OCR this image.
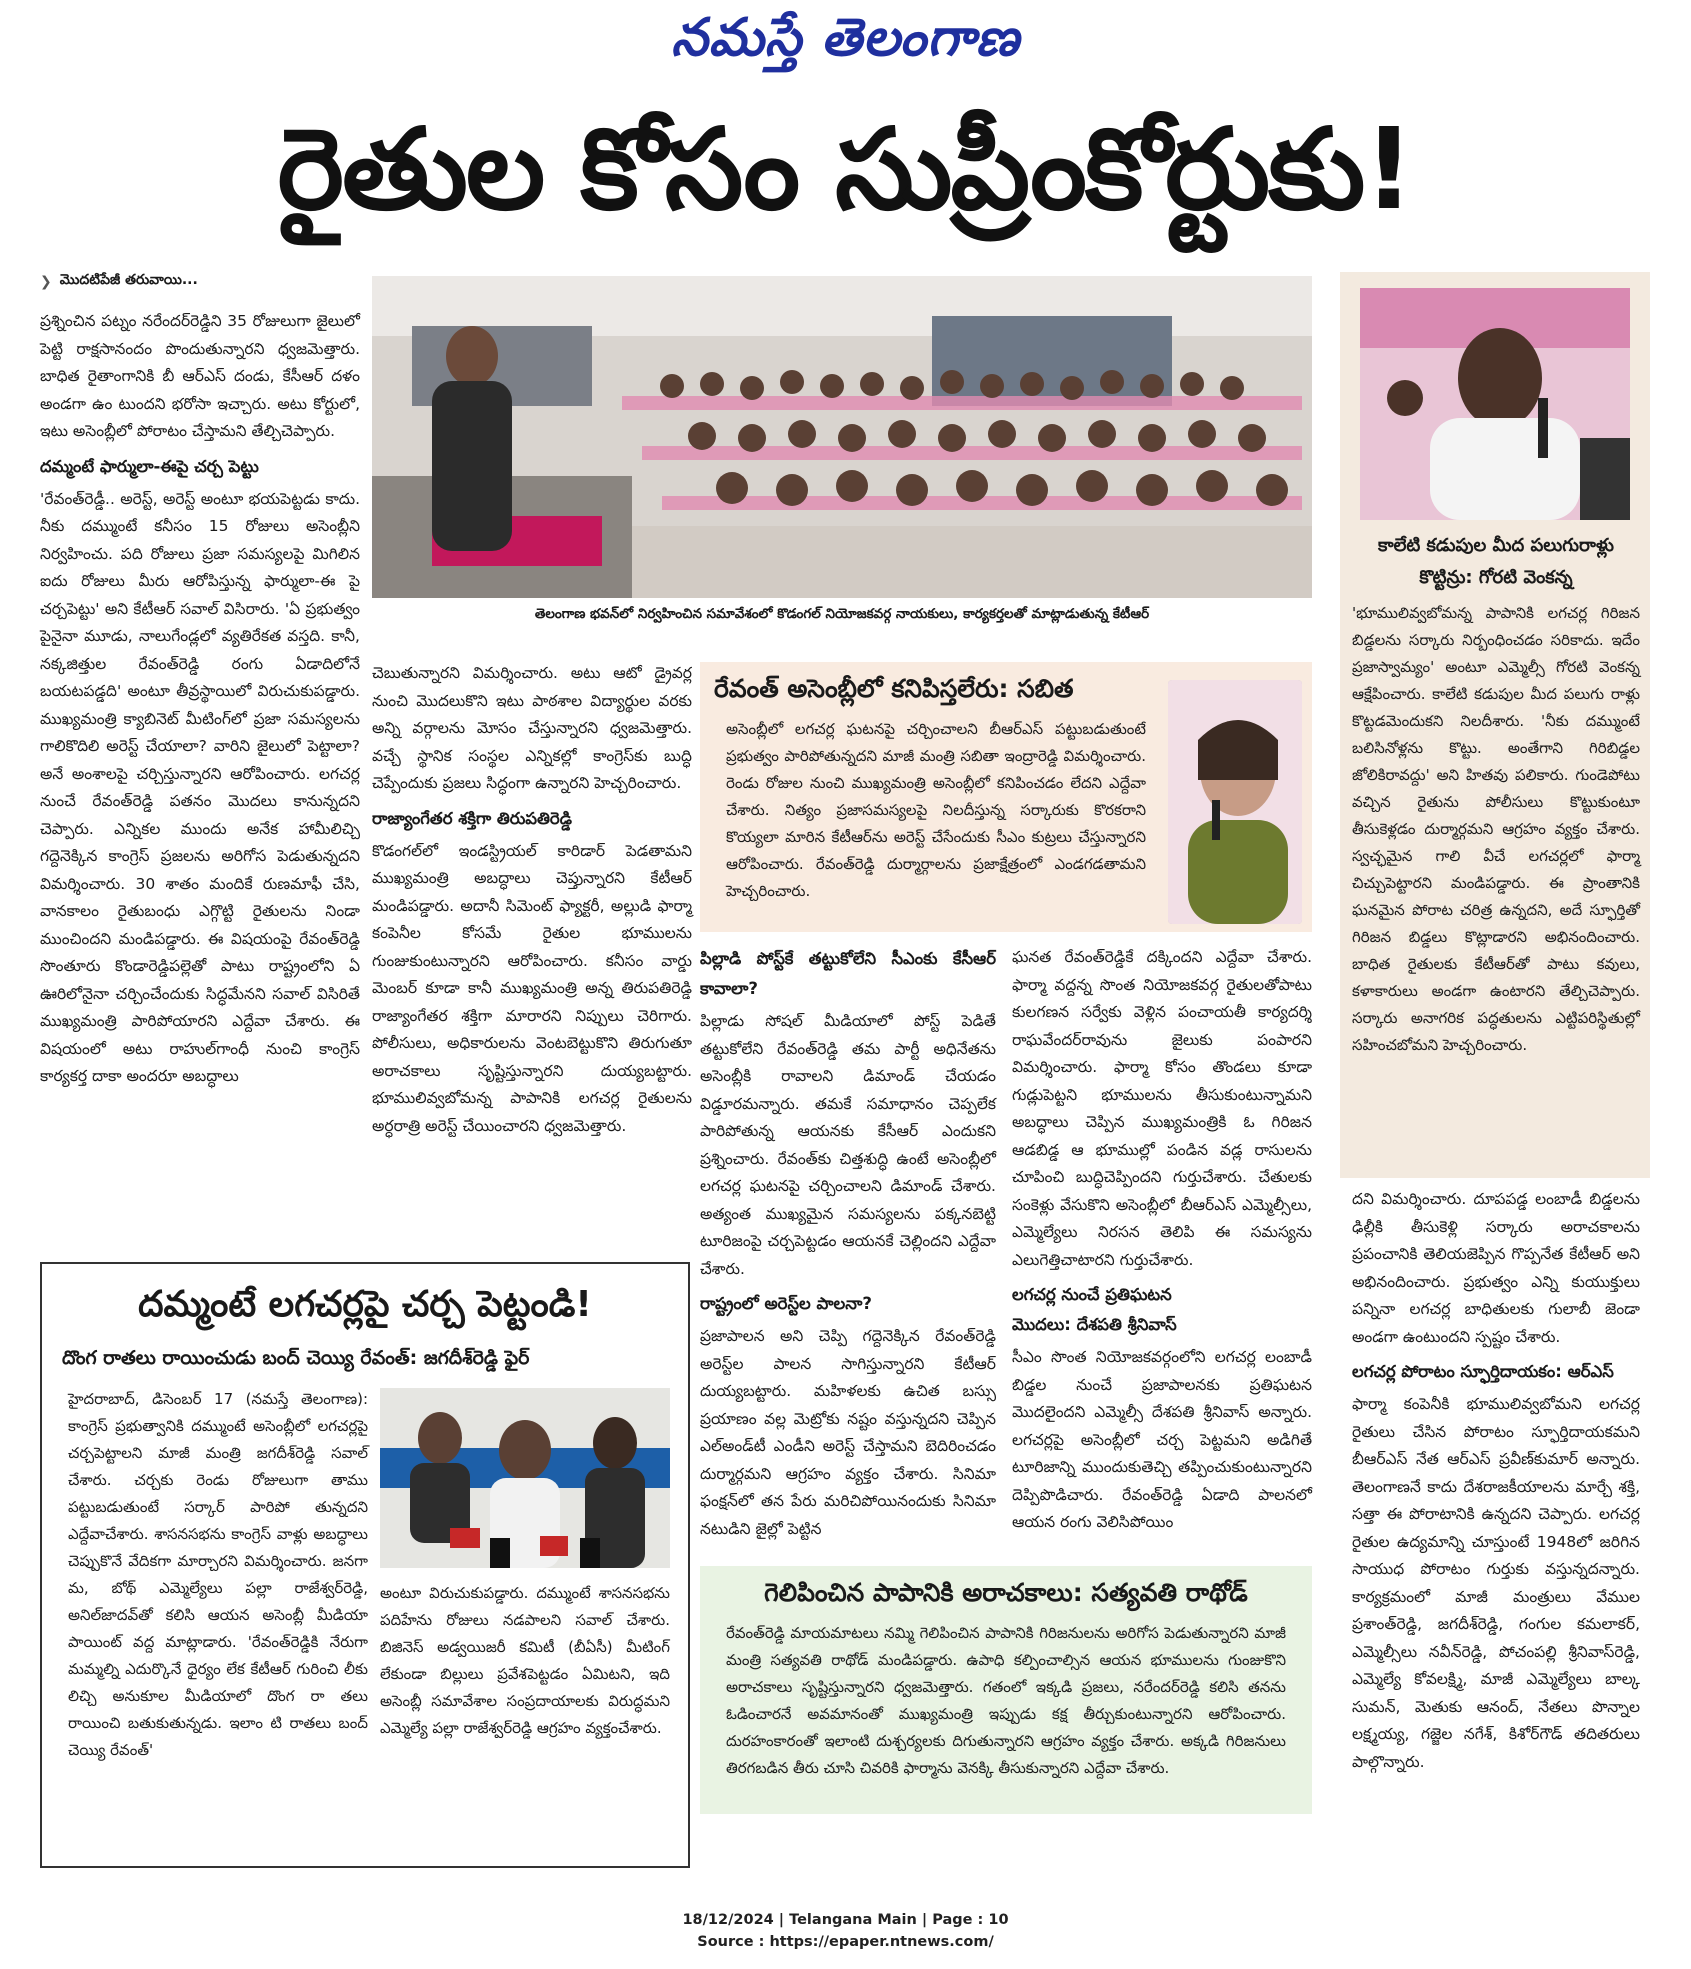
నమస్తే తెలంగాణ
రైతుల కోసం సుప్రీంకోర్టుకు!
❯ మొదటిపేజీ తరువాయి...

ప్రశ్నించిన పట్నం నరేందర్‌రెడ్డిని 35 రోజులుగా జైలులో పెట్టి రాక్షసానందం పొందుతున్నారని ధ్వజమెత్తారు. బాధిత రైతాంగానికి బీ ఆర్‌ఎస్ దండు, కేసీఆర్ దళం అండగా ఉం టుందని భరోసా ఇచ్చారు. అటు కోర్టులో, ఇటు అసెంబ్లీలో పోరాటం చేస్తామని తేల్చిచెప్పారు.

దమ్మంటే ఫార్ములా-ఈపై చర్చ పెట్టు

'రేవంత్‌రెడ్డీ.. అరెస్ట్, అరెస్ట్ అంటూ భయపెట్టడు కాదు. నీకు దమ్ముంటే కనీసం 15 రోజులు అసెంబ్లీని నిర్వహించు. పది రోజులు ప్రజా సమస్యలపై మిగిలిన ఐదు రోజులు మీరు ఆరోపిస్తున్న ఫార్ములా-ఈ పై చర్చపెట్టు' అని కేటీఆర్ సవాల్ విసిరారు. 'ఏ ప్రభుత్వం పైనైనా మూడు, నాలుగేండ్లలో వ్యతిరేకత వస్తది. కానీ, నక్కజిత్తుల రేవంత్‌రెడ్డి రంగు ఏడాదిలోనే బయటపడ్డది' అంటూ తీవ్రస్థాయిలో విరుచుకుపడ్డారు. ముఖ్యమంత్రి క్యాబినెట్ మీటింగ్‌లో ప్రజా సమస్యలను గాలికొదిలి అరెస్ట్ చేయాలా? వారిని జైలులో పెట్టాలా? అనే అంశాలపై చర్చిస్తున్నారని ఆరోపించారు. లగచర్ల నుంచే రేవంత్‌రెడ్డి పతనం మొదలు కానున్నదని చెప్పారు. ఎన్నికల ముందు అనేక హామీలిచ్చి గద్దెనెక్కిన కాంగ్రెస్ ప్రజలను అరిగోస పెడుతున్నదని విమర్శించారు. 30 శాతం మందికే రుణమాఫీ చేసి, వానకాలం రైతుబంధు ఎగ్గొట్టి రైతులను నిండా ముంచిందని మండిపడ్డారు. ఈ విషయంపై రేవంత్‌రెడ్డి సొంతూరు కొండారెడ్డిపల్లెతో పాటు రాష్ట్రంలోని ఏ ఊరిలోనైనా చర్చించేందుకు సిద్ధమేనని సవాల్ విసిరితే ముఖ్యమంత్రి పారిపోయారని ఎద్దేవా చేశారు. ఈ విషయంలో అటు రాహుల్‌గాంధీ నుంచి కాంగ్రెస్ కార్యకర్త దాకా అందరూ అబద్ధాలు

తెలంగాణ భవన్‌లో నిర్వహించిన సమావేశంలో కొడంగల్ నియోజకవర్గ నాయకులు, కార్యకర్తలతో మాట్లాడుతున్న కేటీఆర్
కాలేటి కడుపుల మీద పలుగురాళ్లు కొట్టిన్రు: గోరటి వెంకన్న
'భూములివ్వబోమన్న పాపానికి లగచర్ల గిరిజన బిడ్డలను సర్కారు నిర్బంధించడం సరికాదు. ఇదేం ప్రజాస్వామ్యం' అంటూ ఎమ్మెల్సీ గోరటి వెంకన్న ఆక్షేపించారు. కాలేటి కడుపుల మీద పలుగు రాళ్లు కొట్టడమెందుకని నిలదీశారు. 'నీకు దమ్ముంటే బలిసినోళ్లను కొట్టు. అంతేగాని గిరిబిడ్డల జోలికిరావద్దు' అని హితవు పలికారు. గుండెపోటు వచ్చిన రైతును పోలీసులు కొట్టుకుంటూ తీసుకెళ్లడం దుర్మార్గమని ఆగ్రహం వ్యక్తం చేశారు. స్వచ్ఛమైన గాలి వీచే లగచర్లలో ఫార్మా చిచ్చుపెట్టారని మండిపడ్డారు. ఈ ప్రాంతానికి ఘనమైన పోరాట చరిత్ర ఉన్నదని, అదే స్ఫూర్తితో గిరిజన బిడ్డలు కొట్లాడారని అభినందించారు. బాధిత రైతులకు కేటీఆర్‌తో పాటు కవులు, కళాకారులు అండగా ఉంటారని తేల్చిచెప్పారు. సర్కారు అనాగరిక పద్ధతులను ఎట్టిపరిస్థితుల్లో సహించబోమని హెచ్చరించారు.

చెబుతున్నారని విమర్శించారు. అటు ఆటో డ్రైవర్ల నుంచి మొదలుకొని ఇటు పాఠశాల విద్యార్థుల వరకు అన్ని వర్గాలను మోసం చేస్తున్నారని ధ్వజమెత్తారు. వచ్చే స్థానిక సంస్థల ఎన్నికల్లో కాంగ్రెస్‌కు బుద్ధి చెప్పేందుకు ప్రజలు సిద్ధంగా ఉన్నారని హెచ్చరించారు.

రాజ్యాంగేతర శక్తిగా తిరుపతిరెడ్డి

కొడంగల్‌లో ఇండస్ట్రియల్ కారిడార్ పెడతామని ముఖ్యమంత్రి అబద్ధాలు చెప్తున్నారని కేటీఆర్ మండిపడ్డారు. అదానీ సిమెంట్ ఫ్యాక్టరీ, అల్లుడి ఫార్మా కంపెనీల కోసమే రైతుల భూములను గుంజుకుంటున్నారని ఆరోపించారు. కనీసం వార్డు మెంబర్ కూడా కానీ ముఖ్యమంత్రి అన్న తిరుపతిరెడ్డి రాజ్యాంగేతర శక్తిగా మారారని నిప్పులు చెరిగారు. పోలీసులు, అధికారులను వెంటబెట్టుకొని తిరుగుతూ అరాచకాలు సృష్టిస్తున్నారని దుయ్యబట్టారు. భూములివ్వబోమన్న పాపానికి లగచర్ల రైతులను అర్ధరాత్రి అరెస్ట్ చేయించారని ధ్వజమెత్తారు.

రేవంత్ అసెంబ్లీలో కనిపిస్తలేరు: సబిత
అసెంబ్లీలో లగచర్ల ఘటనపై చర్చించాలని బీఆర్‌ఎస్ పట్టుబడుతుంటే ప్రభుత్వం పారిపోతున్నదని మాజీ మంత్రి సబితా ఇంద్రారెడ్డి విమర్శించారు. రెండు రోజుల నుంచి ముఖ్యమంత్రి అసెంబ్లీలో కనిపించడం లేదని ఎద్దేవా చేశారు. నిత్యం ప్రజాసమస్యలపై నిలదీస్తున్న సర్కారుకు కొరకరాని కొయ్యలా మారిన కేటీఆర్‌ను అరెస్ట్ చేసేందుకు సీఎం కుట్రలు చేస్తున్నారని ఆరోపించారు. రేవంత్‌రెడ్డి దుర్మార్గాలను ప్రజాక్షేత్రంలో ఎండగడతామని హెచ్చరించారు.
పిల్లాడి పోస్ట్‌కే తట్టుకోలేని సీఎంకు కేసీఆర్ కావాలా?

పిల్లాడు సోషల్ మీడియాలో పోస్ట్ పెడితే తట్టుకోలేని రేవంత్‌రెడ్డి తమ పార్టీ అధినేతను అసెంబ్లీకి రావాలని డిమాండ్ చేయడం విడ్డూరమన్నారు. తమకే సమాధానం చెప్పలేక పారిపోతున్న ఆయనకు కేసీఆర్ ఎందుకని ప్రశ్నించారు. రేవంత్‌కు చిత్తశుద్ధి ఉంటే అసెంబ్లీలో లగచర్ల ఘటనపై చర్చించాలని డిమాండ్ చేశారు. అత్యంత ముఖ్యమైన సమస్యలను పక్కనబెట్టి టూరిజంపై చర్చపెట్టడం ఆయనకే చెల్లిందని ఎద్దేవా చేశారు.

రాష్ట్రంలో అరెస్ట్‌ల పాలనా?

ప్రజాపాలన అని చెప్పి గద్దెనెక్కిన రేవంత్‌రెడ్డి అరెస్ట్‌ల పాలన సాగిస్తున్నారని కేటీఆర్ దుయ్యబట్టారు. మహిళలకు ఉచిత బస్సు ప్రయాణం వల్ల మెట్రోకు నష్టం వస్తున్నదని చెప్పిన ఎల్‌అండ్‌టీ ఎండీని అరెస్ట్ చేస్తామని బెదిరించడం దుర్మార్గమని ఆగ్రహం వ్యక్తం చేశారు. సినిమా ఫంక్షన్‌లో తన పేరు మరిచిపోయినందుకు సినిమా నటుడిని జైల్లో పెట్టిన

ఘనత రేవంత్‌రెడ్డికే దక్కిందని ఎద్దేవా చేశారు. ఫార్మా వద్దన్న సొంత నియోజకవర్గ రైతులతోపాటు కులగణన సర్వేకు వెళ్లిన పంచాయతీ కార్యదర్శి రాఘవేందర్‌రావును జైలుకు పంపారని విమర్శించారు. ఫార్మా కోసం తొండలు కూడా గుడ్లుపెట్టని భూములను తీసుకుంటున్నామని అబద్ధాలు చెప్పిన ముఖ్యమంత్రికి ఓ గిరిజన ఆడబిడ్డ ఆ భూముల్లో పండిన వడ్ల రాసులను చూపించి బుద్ధిచెప్పిందని గుర్తుచేశారు. చేతులకు సంకెళ్లు వేసుకొని అసెంబ్లీలో బీఆర్‌ఎస్ ఎమ్మెల్సీలు, ఎమ్మెల్యేలు నిరసన తెలిపి ఈ సమస్యను ఎలుగెత్తిచాటారని గుర్తుచేశారు.

లగచర్ల నుంచే ప్రతిఘటన
మొదలు: దేశపతి శ్రీనివాస్

సీఎం సొంత నియోజకవర్గంలోని లగచర్ల లంబాడీ బిడ్డల నుంచే ప్రజాపాలనకు ప్రతిఘటన మొదలైందని ఎమ్మెల్సీ దేశపతి శ్రీనివాస్ అన్నారు. లగచర్లపై అసెంబ్లీలో చర్చ పెట్టమని అడిగితే టూరిజాన్ని ముందుకుతెచ్చి తప్పించుకుంటున్నారని దెప్పిపొడిచారు. రేవంత్‌రెడ్డి ఏడాది పాలనలో ఆయన రంగు వెలిసిపోయిం

దని విమర్శించారు. దూపపడ్డ లంబాడీ బిడ్డలను ఢిల్లీకి తీసుకెళ్లి సర్కారు అరాచకాలను ప్రపంచానికి తెలియజెప్పిన గొప్పనేత కేటీఆర్ అని అభినందించారు. ప్రభుత్వం ఎన్ని కుయుక్తులు పన్నినా లగచర్ల బాధితులకు గులాబీ జెండా అండగా ఉంటుందని స్పష్టం చేశారు.

లగచర్ల పోరాటం స్ఫూర్తిదాయకం: ఆర్‌ఎస్

ఫార్మా కంపెనీకి భూములివ్వబోమని లగచర్ల రైతులు చేసిన పోరాటం స్ఫూర్తిదాయకమని బీఆర్‌ఎస్ నేత ఆర్‌ఎస్ ప్రవీణ్‌కుమార్ అన్నారు. తెలంగాణనే కాదు దేశరాజకీయాలను మార్చే శక్తి, సత్తా ఈ పోరాటానికి ఉన్నదని చెప్పారు. లగచర్ల రైతుల ఉద్యమాన్ని చూస్తుంటే 1948లో జరిగిన సాయుధ పోరాటం గుర్తుకు వస్తున్నదన్నారు. కార్యక్రమంలో మాజీ మంత్రులు వేముల ప్రశాంత్‌రెడ్డి, జగదీశ్‌రెడ్డి, గంగుల కమలాకర్, ఎమ్మెల్సీలు నవీన్‌రెడ్డి, పోచంపల్లి శ్రీనివాస్‌రెడ్డి, ఎమ్మెల్యే కోవలక్ష్మి, మాజీ ఎమ్మెల్యేలు బాల్క సుమన్, మెతుకు ఆనంద్, నేతలు పొన్నాల లక్ష్మయ్య, గజ్జెల నగేశ్, కిశోర్‌గౌడ్ తదితరులు పాల్గొన్నారు.

దమ్మంటే లగచర్లపై చర్చ పెట్టండి!
దొంగ రాతలు రాయించుడు బంద్ చెయ్యి రేవంత్: జగదీశ్‌రెడ్డి ఫైర్
హైదరాబాద్, డిసెంబర్ 17 (నమస్తే తెలంగాణ): కాంగ్రెస్ ప్రభుత్వానికి దమ్ముంటే అసెంబ్లీలో లగచర్లపై చర్చపెట్టాలని మాజీ మంత్రి జగదీశ్‌రెడ్డి సవాల్ చేశారు. చర్చకు రెండు రోజులుగా తాము పట్టుబడుతుంటే సర్కార్ పారిపో తున్నదని ఎద్దేవాచేశారు. శాసనసభను కాంగ్రెస్ వాళ్లు అబద్ధాలు చెప్పుకొనే వేదికగా మార్చారని విమర్శించారు. జనగా మ, బోథ్ ఎమ్మెల్యేలు పల్లా రాజేశ్వర్‌రెడ్డి, అనిల్‌జాదవ్‌తో కలిసి ఆయన అసెంబ్లీ మీడియా పాయింట్ వద్ద మాట్లాడారు. 'రేవంత్‌రెడ్డికి నేరుగా మమ్మల్ని ఎదుర్కొనే ధైర్యం లేక కేటీఆర్ గురించి లీకు లిచ్చి అనుకూల మీడియాలో దొంగ రా తలు రాయించి బతుకుతున్నడు. ఇలాం టి రాతలు బంద్ చెయ్యి రేవంత్'
అంటూ విరుచుకుపడ్డారు. దమ్ముంటే శాసనసభను పదిహేను రోజులు నడపాలని సవాల్ చేశారు. బిజినెస్ అడ్వయిజరీ కమిటీ (బీఏసీ) మీటింగ్ లేకుండా బిల్లులు ప్రవేశపెట్టడం ఏమిటని, ఇది అసెంబ్లీ సమావేశాల సంప్రదాయాలకు విరుద్ధమని ఎమ్మెల్యే పల్లా రాజేశ్వర్‌రెడ్డి ఆగ్రహం వ్యక్తంచేశారు.
గెలిపించిన పాపానికి అరాచకాలు: సత్యవతి రాథోడ్
రేవంత్‌రెడ్డి మాయమాటలు నమ్మి గెలిపించిన పాపానికి గిరిజనులను అరిగోస పెడుతున్నారని మాజీ మంత్రి సత్యవతి రాథోడ్ మండిపడ్డారు. ఉపాధి కల్పించాల్సిన ఆయన భూములను గుంజుకొని అరాచకాలు సృష్టిస్తున్నారని ధ్వజమెత్తారు. గతంలో ఇక్కడి ప్రజలు, నరేందర్‌రెడ్డి కలిసి తనను ఓడించారనే అవమానంతో ముఖ్యమంత్రి ఇప్పుడు కక్ష తీర్చుకుంటున్నారని ఆరోపించారు. దురహంకారంతో ఇలాంటి దుశ్చర్యలకు దిగుతున్నారని ఆగ్రహం వ్యక్తం చేశారు. అక్కడి గిరిజనులు తిరగబడిన తీరు చూసి చివరికి ఫార్మాను వెనక్కి తీసుకున్నారని ఎద్దేవా చేశారు.
18/12/2024 | Telangana Main | Page : 10
Source : https://epaper.ntnews.com/
